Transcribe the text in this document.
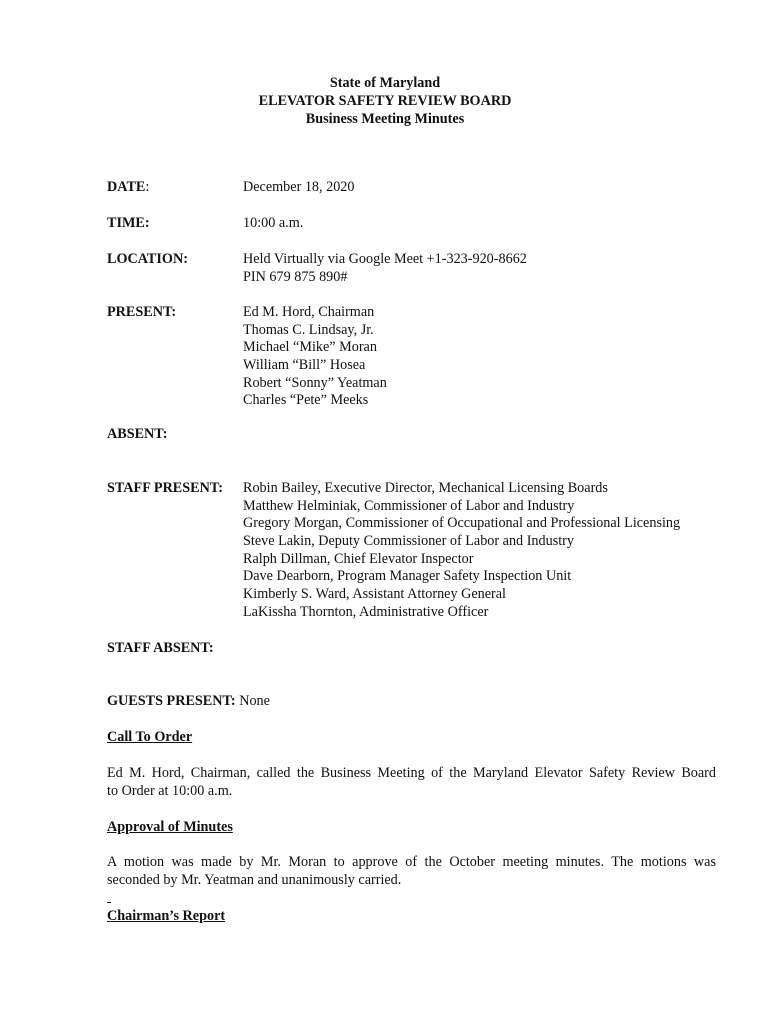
State of Maryland
ELEVATOR SAFETY REVIEW BOARD
Business Meeting Minutes
DATE:	December 18, 2020
TIME:	10:00 a.m.
LOCATION:	Held Virtually via Google Meet +1-323-920-8662
PIN 679 875 890#
PRESENT:	Ed M. Hord, Chairman
Thomas C. Lindsay, Jr.
Michael “Mike” Moran
William “Bill” Hosea
Robert “Sonny” Yeatman
Charles “Pete” Meeks
ABSENT:
STAFF PRESENT: Robin Bailey, Executive Director, Mechanical Licensing Boards
Matthew Helminiak, Commissioner of Labor and Industry
Gregory Morgan, Commissioner of Occupational and Professional Licensing
Steve Lakin, Deputy Commissioner of Labor and Industry
Ralph Dillman, Chief Elevator Inspector
Dave Dearborn, Program Manager Safety Inspection Unit
Kimberly S. Ward, Assistant Attorney General
LaKissha Thornton, Administrative Officer
STAFF ABSENT:
GUESTS PRESENT: None
Call To Order
Ed M. Hord, Chairman, called the Business Meeting of the Maryland Elevator Safety Review Board
to Order at 10:00 a.m.
Approval of Minutes
A motion was made by Mr. Moran to approve of the October meeting minutes. The motions was
seconded by Mr. Yeatman and unanimously carried.
Chairman’s Report
